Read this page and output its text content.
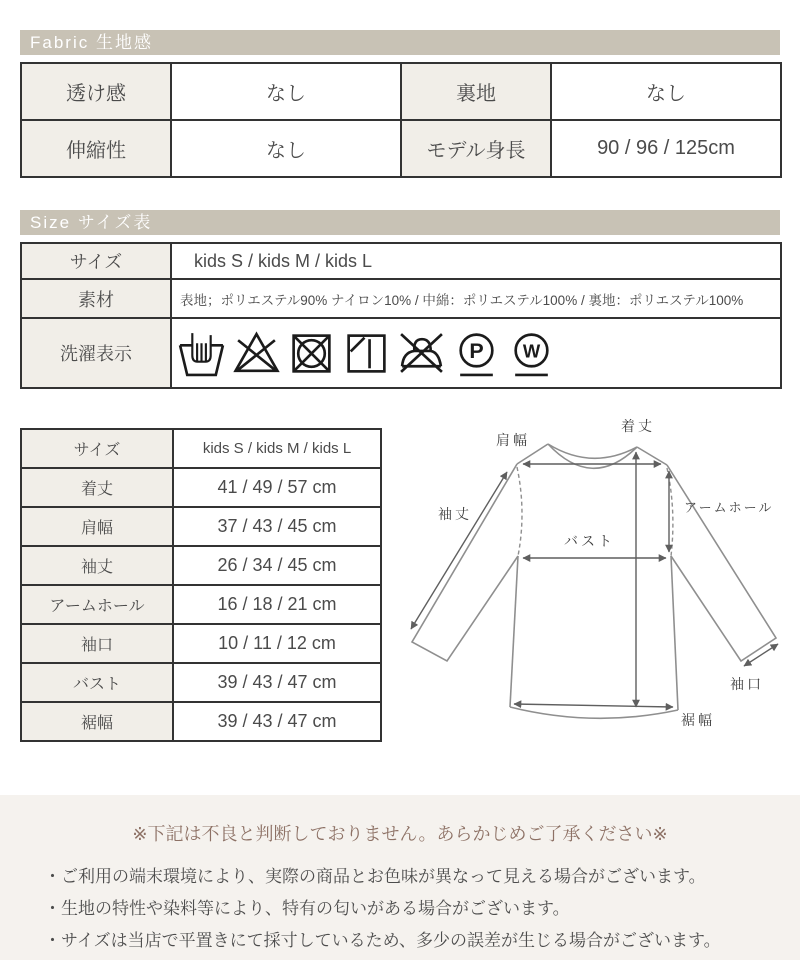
Fabric 生地感
透け感	なし	裏地	なし
伸縮性	なし	モデル身長	90 / 96 / 125cm
Size サイズ表
サイズ	kids S / kids M / kids L
素材	表地；ポリエステル90% ナイロン10% / 中綿：ポリエステル100% / 裏地：ポリエステル100%
洗濯表示	P W
サイズ	kids S / kids M / kids L
着丈	41 / 49 / 57 cm
肩幅	37 / 43 / 45 cm
袖丈	26 / 34 / 45 cm
アームホール	16 / 18 / 21 cm
袖口	10 / 11 / 12 cm
バスト	39 / 43 / 47 cm
裾幅	39 / 43 / 47 cm
着丈
肩幅
袖丈
バスト
アームホール
袖口
裾幅
※下記は不良と判断しておりません。あらかじめご了承ください※
・ご利用の端末環境により、実際の商品とお色味が異なって見える場合がございます。
・生地の特性や染料等により、特有の匂いがある場合がございます。
・サイズは当店で平置きにて採寸しているため、多少の誤差が生じる場合がございます。
